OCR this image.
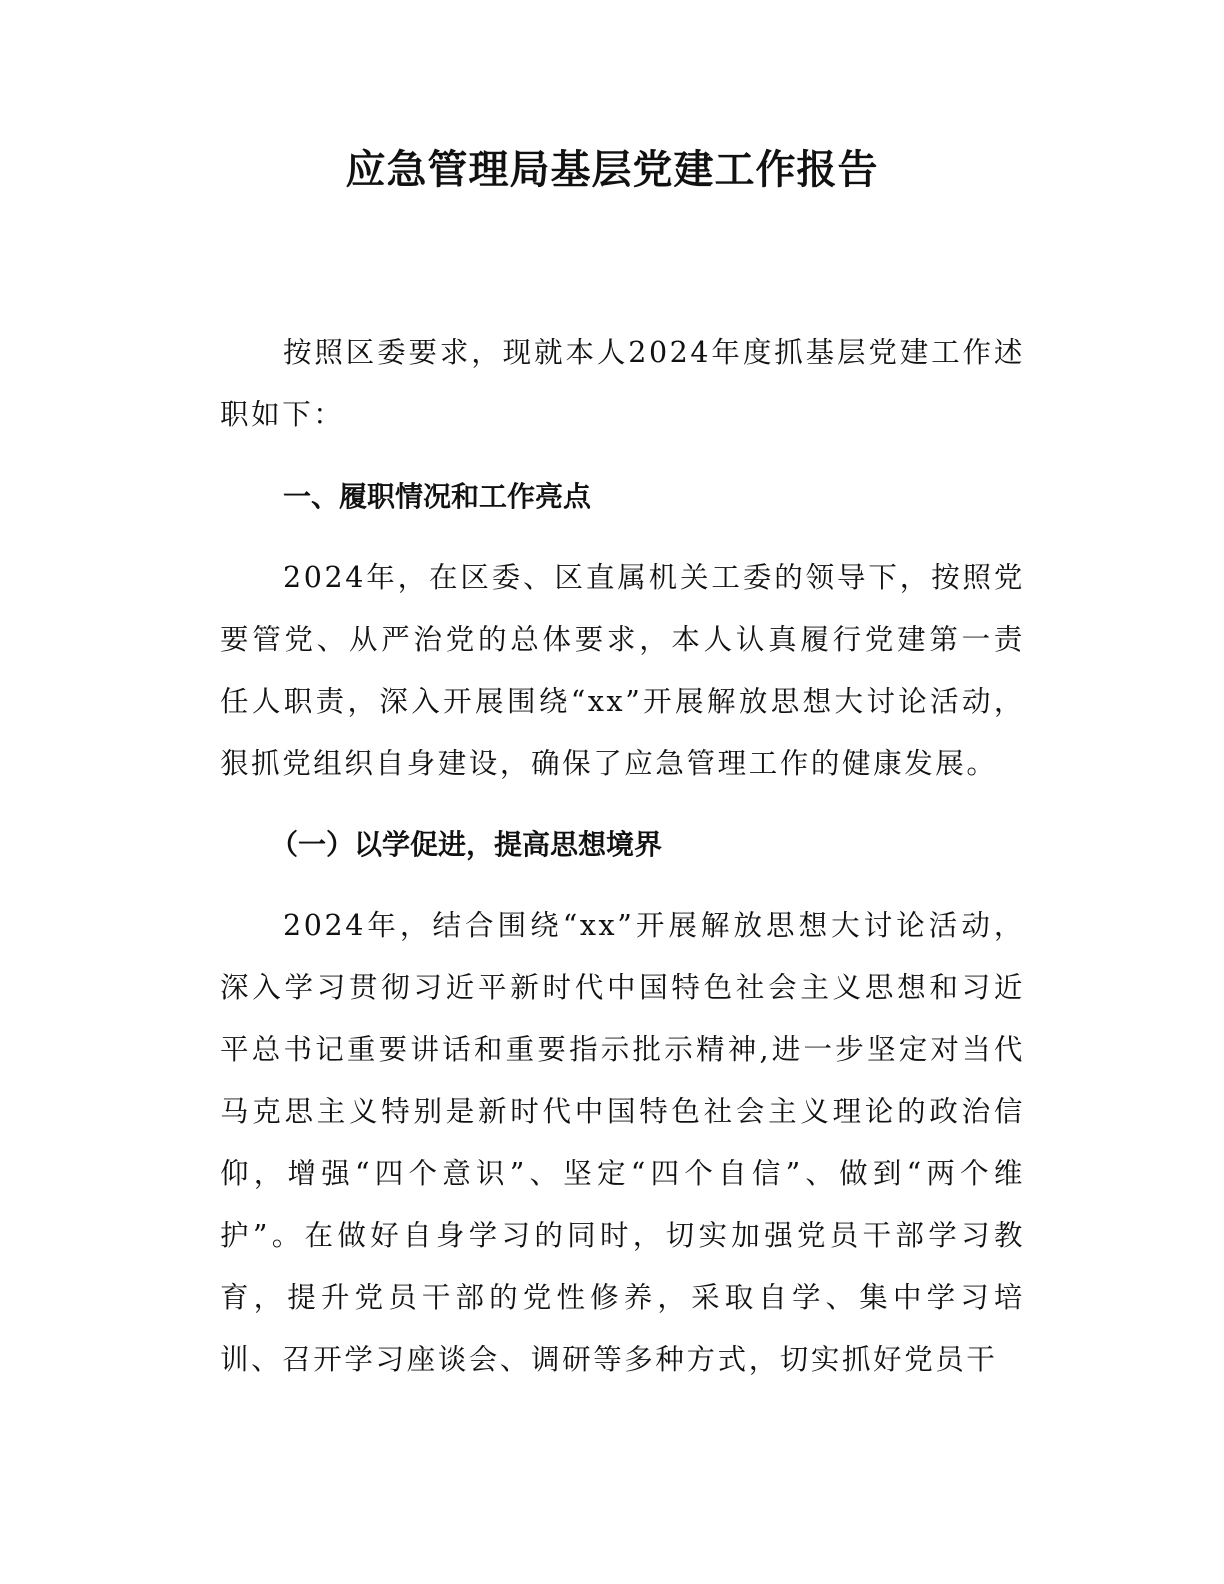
应急管理局基层党建工作报告

按照区委要求，现就本人2024年度抓基层党建工作述职如下：

一、履职情况和工作亮点

2024年，在区委、区直属机关工委的领导下，按照党要管党、从严治党的总体要求，本人认真履行党建第一责任人职责，深入开展围绕“xx”开展解放思想大讨论活动，狠抓党组织自身建设，确保了应急管理工作的健康发展。

（一）以学促进，提高思想境界

2024年，结合围绕“xx”开展解放思想大讨论活动，深入学习贯彻习近平新时代中国特色社会主义思想和习近平总书记重要讲话和重要指示批示精神,进一步坚定对当代马克思主义特别是新时代中国特色社会主义理论的政治信仰，增强“四个意识”、坚定“四个自信”、做到“两个维护”。在做好自身学习的同时，切实加强党员干部学习教育，提升党员干部的党性修养，采取自学、集中学习培训、召开学习座谈会、调研等多种方式，切实抓好党员干
